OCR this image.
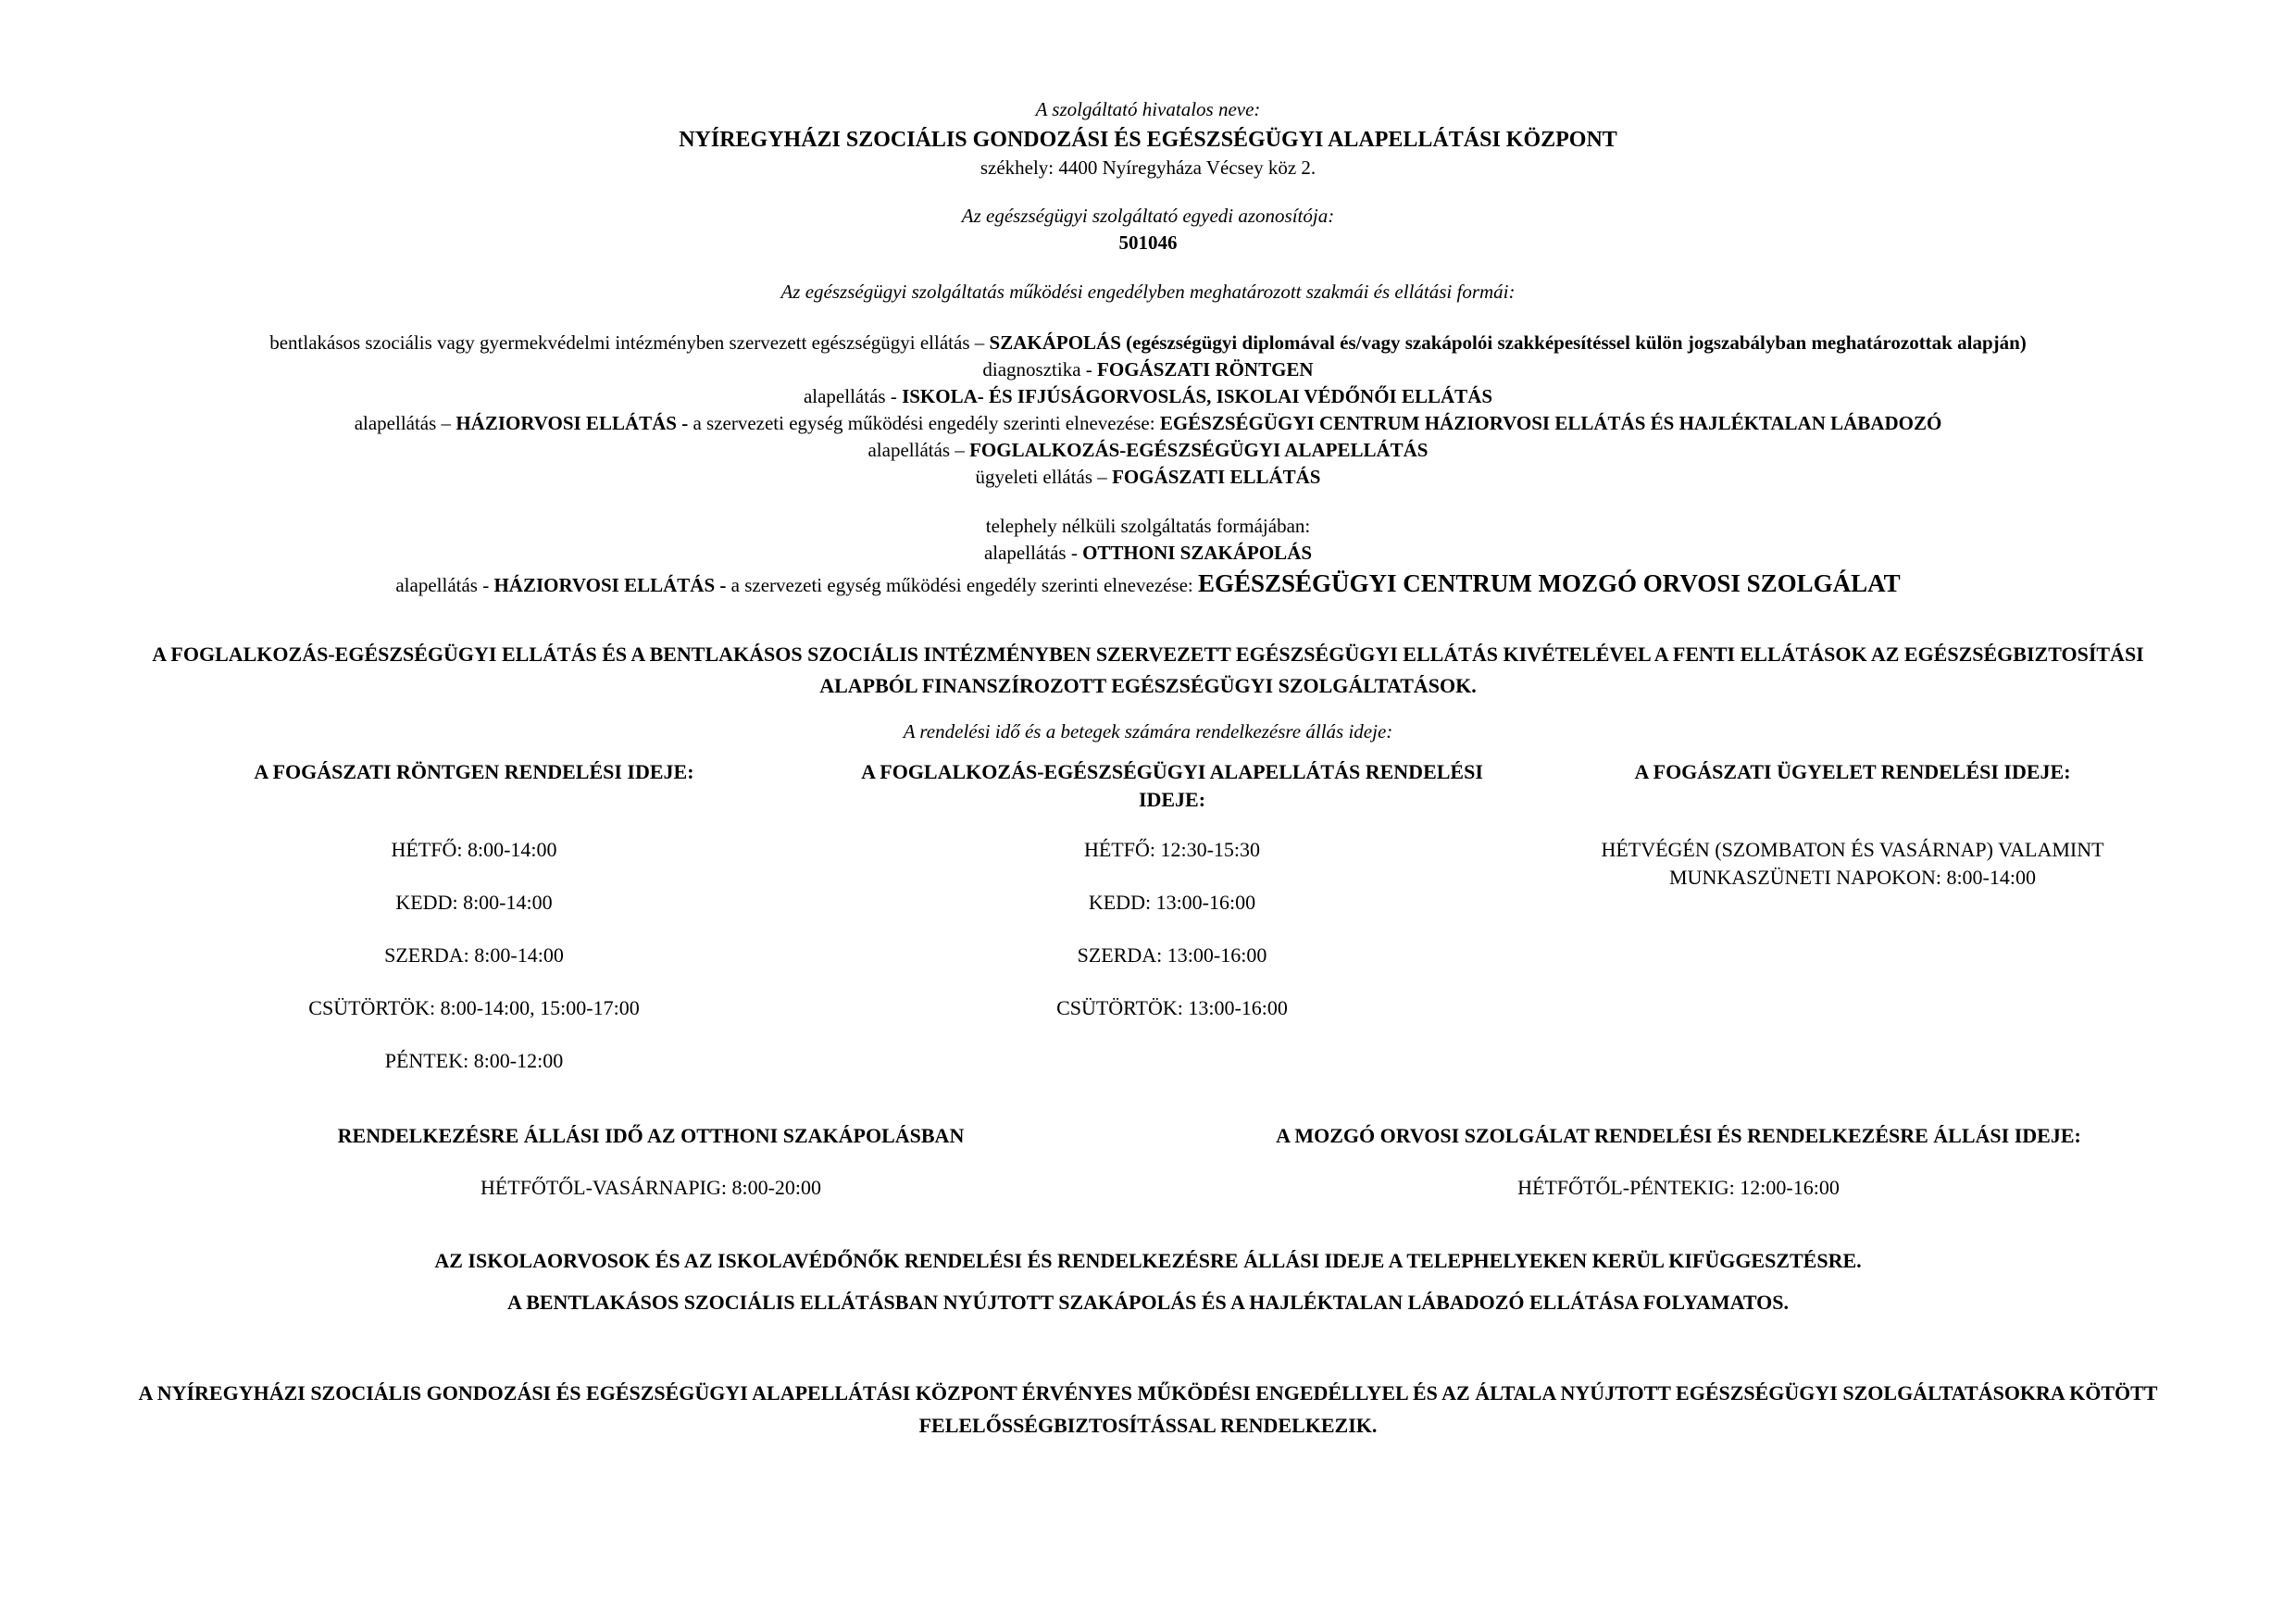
A szolgáltató hivatalos neve:
NYÍREGYHÁZI SZOCIÁLIS GONDOZÁSI ÉS EGÉSZSÉGÜGYI ALAPELLÁTÁSI KÖZPONT
székhely: 4400 Nyíregyháza Vécsey köz 2.
Az egészségügyi szolgáltató egyedi azonosítója:
501046
Az egészségügyi szolgáltatás működési engedélyben meghatározott szakmái és ellátási formái:
bentlakásos szociális vagy gyermekvédelmi intézményben szervezett egészségügyi ellátás – SZAKÁPOLÁS (egészségügyi diplomával és/vagy szakápolói szakképesítéssel külön jogszabályban meghatározottak alapján)
diagnosztika - FOGÁSZATI RÖNTGEN
alapellátás - ISKOLA- ÉS IFJÚSÁGORVOSLÁS, ISKOLAI VÉDŐNŐI ELLÁTÁS
alapellátás – HÁZIORVOSI ELLÁTÁS - a szervezeti egység működési engedély szerinti elnevezése: EGÉSZSÉGÜGYI CENTRUM HÁZIORVOSI ELLÁTÁS ÉS HAJLÉKTALAN LÁBADOZÓ
alapellátás – FOGLALKOZÁS-EGÉSZSÉGÜGYI ALAPELLÁTÁS
ügyeleti ellátás – FOGÁSZATI ELLÁTÁS
telephely nélküli szolgáltatás formájában:
alapellátás - OTTHONI SZAKÁPOLÁS
alapellátás - HÁZIORVOSI ELLÁTÁS - a szervezeti egység működési engedély szerinti elnevezése: EGÉSZSÉGÜGYI CENTRUM MOZGÓ ORVOSI SZOLGÁLAT
A FOGLALKOZÁS-EGÉSZSÉGÜGYI ELLÁTÁS ÉS A BENTLAKÁSOS SZOCIÁLIS INTÉZMÉNYBEN SZERVEZETT EGÉSZSÉGÜGYI ELLÁTÁS KIVÉTELÉVEL A FENTI ELLÁTÁSOK AZ EGÉSZSÉGBIZTOSÍTÁSI ALAPBÓL FINANSZÍROZOTT EGÉSZSÉGÜGYI SZOLGÁLTATÁSOK.
A rendelési idő és a betegek számára rendelkezésre állás ideje:
A FOGÁSZATI RÖNTGEN RENDELÉSI IDEJE:
HÉTFŐ: 8:00-14:00
KEDD: 8:00-14:00
SZERDA: 8:00-14:00
CSÜTÖRTÖK: 8:00-14:00, 15:00-17:00
PÉNTEK: 8:00-12:00
A FOGLALKOZÁS-EGÉSZSÉGÜGYI ALAPELLÁTÁS RENDELÉSI IDEJE:
HÉTFŐ: 12:30-15:30
KEDD: 13:00-16:00
SZERDA: 13:00-16:00
CSÜTÖRTÖK: 13:00-16:00
A FOGÁSZATI ÜGYELET RENDELÉSI IDEJE:
HÉTVÉGÉN (SZOMBATON ÉS VASÁRNAP) VALAMINT MUNKASZÜNETI NAPOKON: 8:00-14:00
RENDELKEZÉSRE ÁLLÁSI IDŐ AZ OTTHONI SZAKÁPOLÁSBAN
HÉTFŐTŐL-VASÁRNAPIG: 8:00-20:00
A MOZGÓ ORVOSI SZOLGÁLAT RENDELÉSI ÉS RENDELKEZÉSRE ÁLLÁSI IDEJE:
HÉTFŐTŐL-PÉNTEKIG: 12:00-16:00
AZ ISKOLAORVOSOK ÉS AZ ISKOLAVÉDŐNŐK RENDELÉSI ÉS RENDELKEZÉSRE ÁLLÁSI IDEJE A TELEPHELYEKEN KERÜL KIFÜGGESZTÉSRE.
A BENTLAKÁSOS SZOCIÁLIS ELLÁTÁSBAN NYÚJTOTT SZAKÁPOLÁS ÉS A HAJLÉKTALAN LÁBADOZÓ ELLÁTÁSA FOLYAMATOS.
A NYÍREGYHÁZI SZOCIÁLIS GONDOZÁSI ÉS EGÉSZSÉGÜGYI ALAPELLÁTÁSI KÖZPONT ÉRVÉNYES MŰKÖDÉSI ENGEDÉLLYEL ÉS AZ ÁLTALA NYÚJTOTT EGÉSZSÉGÜGYI SZOLGÁLTATÁSOKRA KÖTÖTT FELELŐSSÉGBIZTOSÍTÁSSAL RENDELKEZIK.
